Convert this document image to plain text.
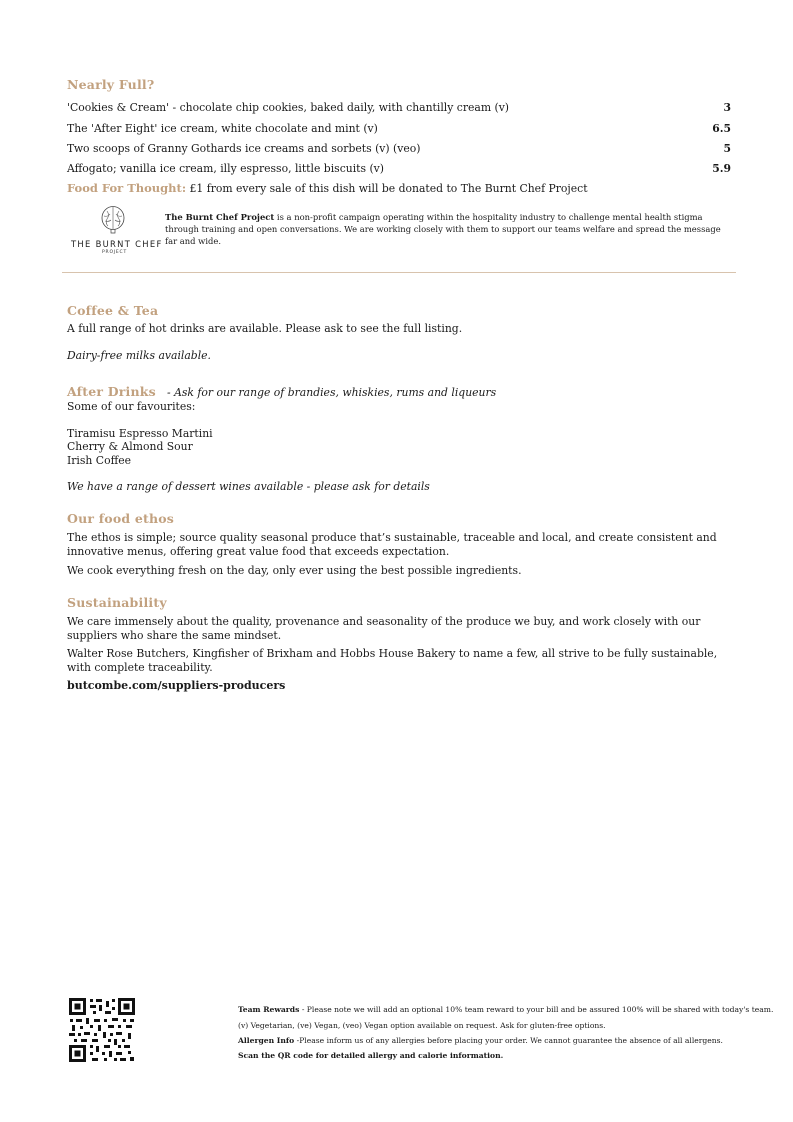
Nearly Full?
'Cookies & Cream' - chocolate chip cookies, baked daily, with chantilly cream (v)	3
The 'After Eight' ice cream, white chocolate and mint (v)	6.5
Two scoops of Granny Gothards ice creams and sorbets (v) (veo)	5
Affogato; vanilla ice cream, illy espresso, little biscuits (v)	5.9
Food For Thought: £1 from every sale of this dish will be donated to The Burnt Chef Project
THE BURNT CHEF
PROJECT
The Burnt Chef Project is a non-profit campaign operating within the hospitality industry to challenge mental health stigma through training and open conversations. We are working closely with them to support our teams welfare and spread the message far and wide.
Coffee & Tea
A full range of hot drinks are available. Please ask to see the full listing.
Dairy-free milks available.
After Drinks - Ask for our range of brandies, whiskies, rums and liqueurs
Some of our favourites:
Tiramisu Espresso Martini
Cherry & Almond Sour
Irish Coffee
We have a range of dessert wines available - please ask for details
Our food ethos
The ethos is simple; source quality seasonal produce that’s sustainable, traceable and local, and create consistent and innovative menus, offering great value food that exceeds expectation.
We cook everything fresh on the day, only ever using the best possible ingredients.
Sustainability
We care immensely about the quality, provenance and seasonality of the produce we buy, and work closely with our suppliers who share the same mindset.
Walter Rose Butchers, Kingfisher of Brixham and Hobbs House Bakery to name a few, all strive to be fully sustainable, with complete traceability.
butcombe.com/suppliers-producers
Team Rewards - Please note we will add an optional 10% team reward to your bill and be assured 100% will be shared with today's team.
(v) Vegetarian, (ve) Vegan, (veo) Vegan option available on request. Ask for gluten-free options.
Allergen Info -Please inform us of any allergies before placing your order. We cannot guarantee the absence of all allergens.
Scan the QR code for detailed allergy and calorie information.
